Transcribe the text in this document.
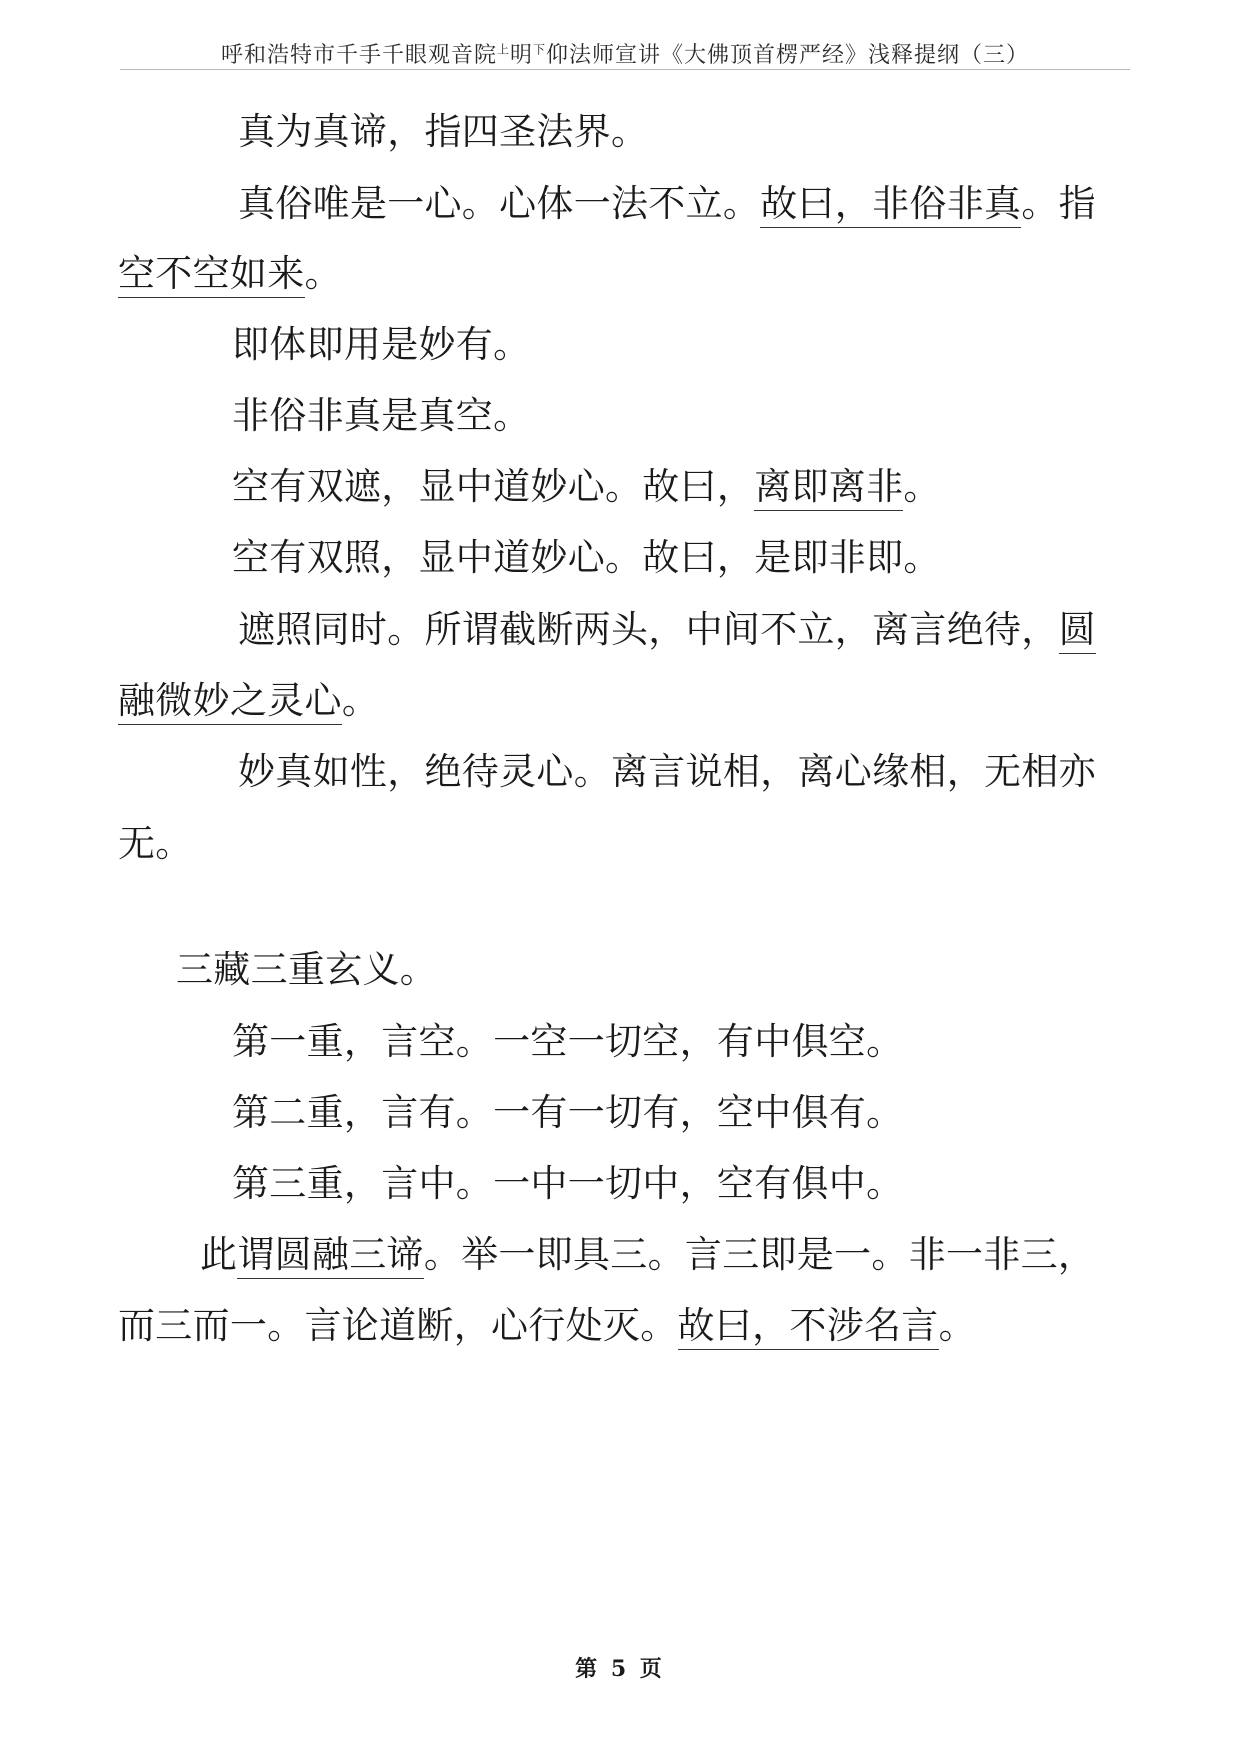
呼和浩特市千手千眼观音院$^上$明$^下$仰法师宣讲《大佛顶首楞严经》浅释提纲（三）
真为真谛，指四圣法界。
真俗唯是一心。心体一法不立。故曰，非俗非真。指
空不空如来。
即体即用是妙有。
非俗非真是真空。
空有双遮，显中道妙心。故曰，离即离非。
空有双照，显中道妙心。故曰，是即非即。
遮照同时。所谓截断两头，中间不立，离言绝待，圆
融微妙之灵心。
妙真如性，绝待灵心。离言说相，离心缘相，无相亦
无。
三藏三重玄义。
第一重，言空。一空一切空，有中俱空。
第二重，言有。一有一切有，空中俱有。
第三重，言中。一中一切中，空有俱中。
此谓圆融三谛。举一即具三。言三即是一。非一非三，
而三而一。言论道断，心行处灭。故曰，不涉名言。
第 5 页
